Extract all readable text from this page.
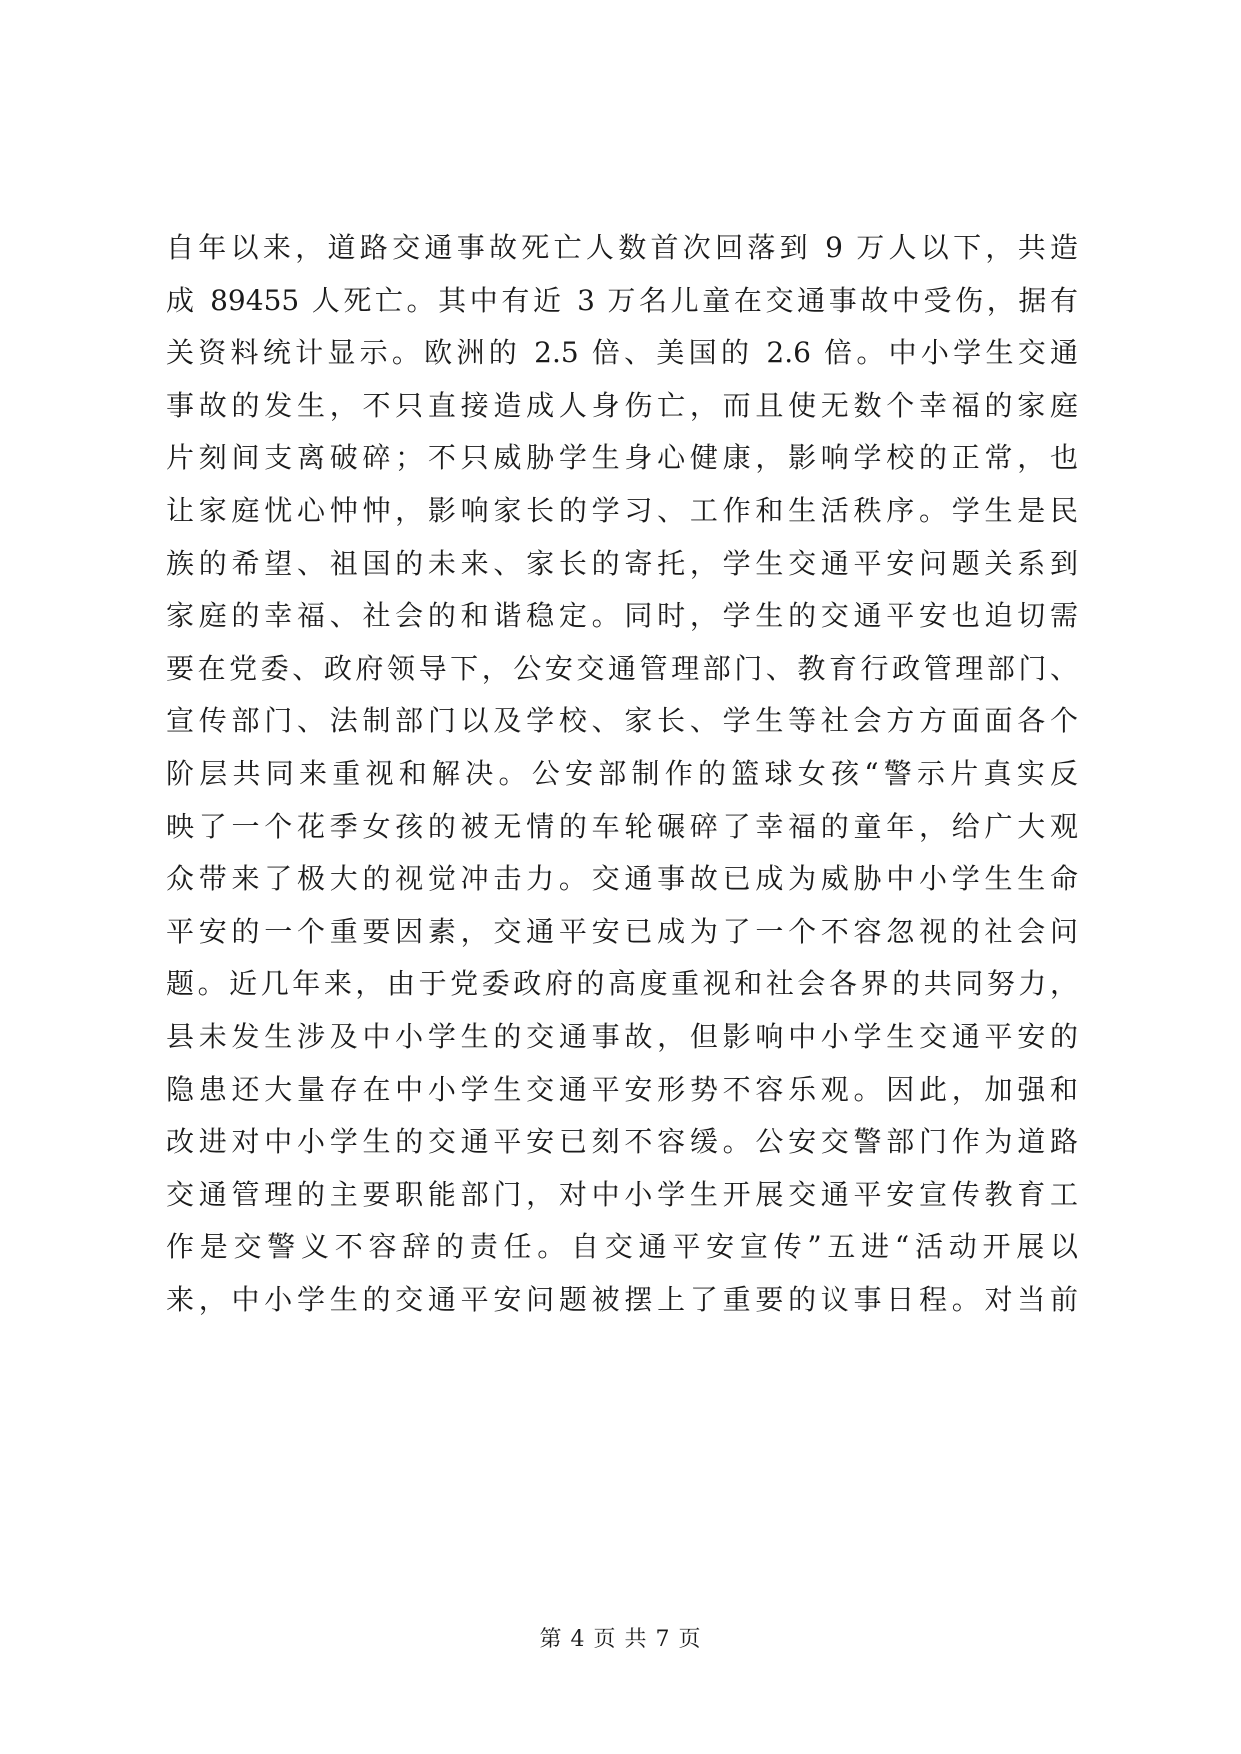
自年以来，道路交通事故死亡人数首次回落到 9 万人以下，共造
成 89455 人死亡。其中有近 3 万名儿童在交通事故中受伤，据有
关资料统计显示。欧洲的 2.5 倍、美国的 2.6 倍。中小学生交通
事故的发生，不只直接造成人身伤亡，而且使无数个幸福的家庭
片刻间支离破碎；不只威胁学生身心健康，影响学校的正常，也
让家庭忧心忡忡，影响家长的学习、工作和生活秩序。学生是民
族的希望、祖国的未来、家长的寄托，学生交通平安问题关系到
家庭的幸福、社会的和谐稳定。同时，学生的交通平安也迫切需
要在党委、政府领导下，公安交通管理部门、教育行政管理部门、
宣传部门、法制部门以及学校、家长、学生等社会方方面面各个
阶层共同来重视和解决。公安部制作的篮球女孩“警示片真实反
映了一个花季女孩的被无情的车轮碾碎了幸福的童年，给广大观
众带来了极大的视觉冲击力。交通事故已成为威胁中小学生生命
平安的一个重要因素，交通平安已成为了一个不容忽视的社会问
题。近几年来，由于党委政府的高度重视和社会各界的共同努力，
县未发生涉及中小学生的交通事故，但影响中小学生交通平安的
隐患还大量存在中小学生交通平安形势不容乐观。因此，加强和
改进对中小学生的交通平安已刻不容缓。公安交警部门作为道路
交通管理的主要职能部门，对中小学生开展交通平安宣传教育工
作是交警义不容辞的责任。自交通平安宣传”五进“活动开展以
来，中小学生的交通平安问题被摆上了重要的议事日程。对当前
第 4 页 共 7 页
